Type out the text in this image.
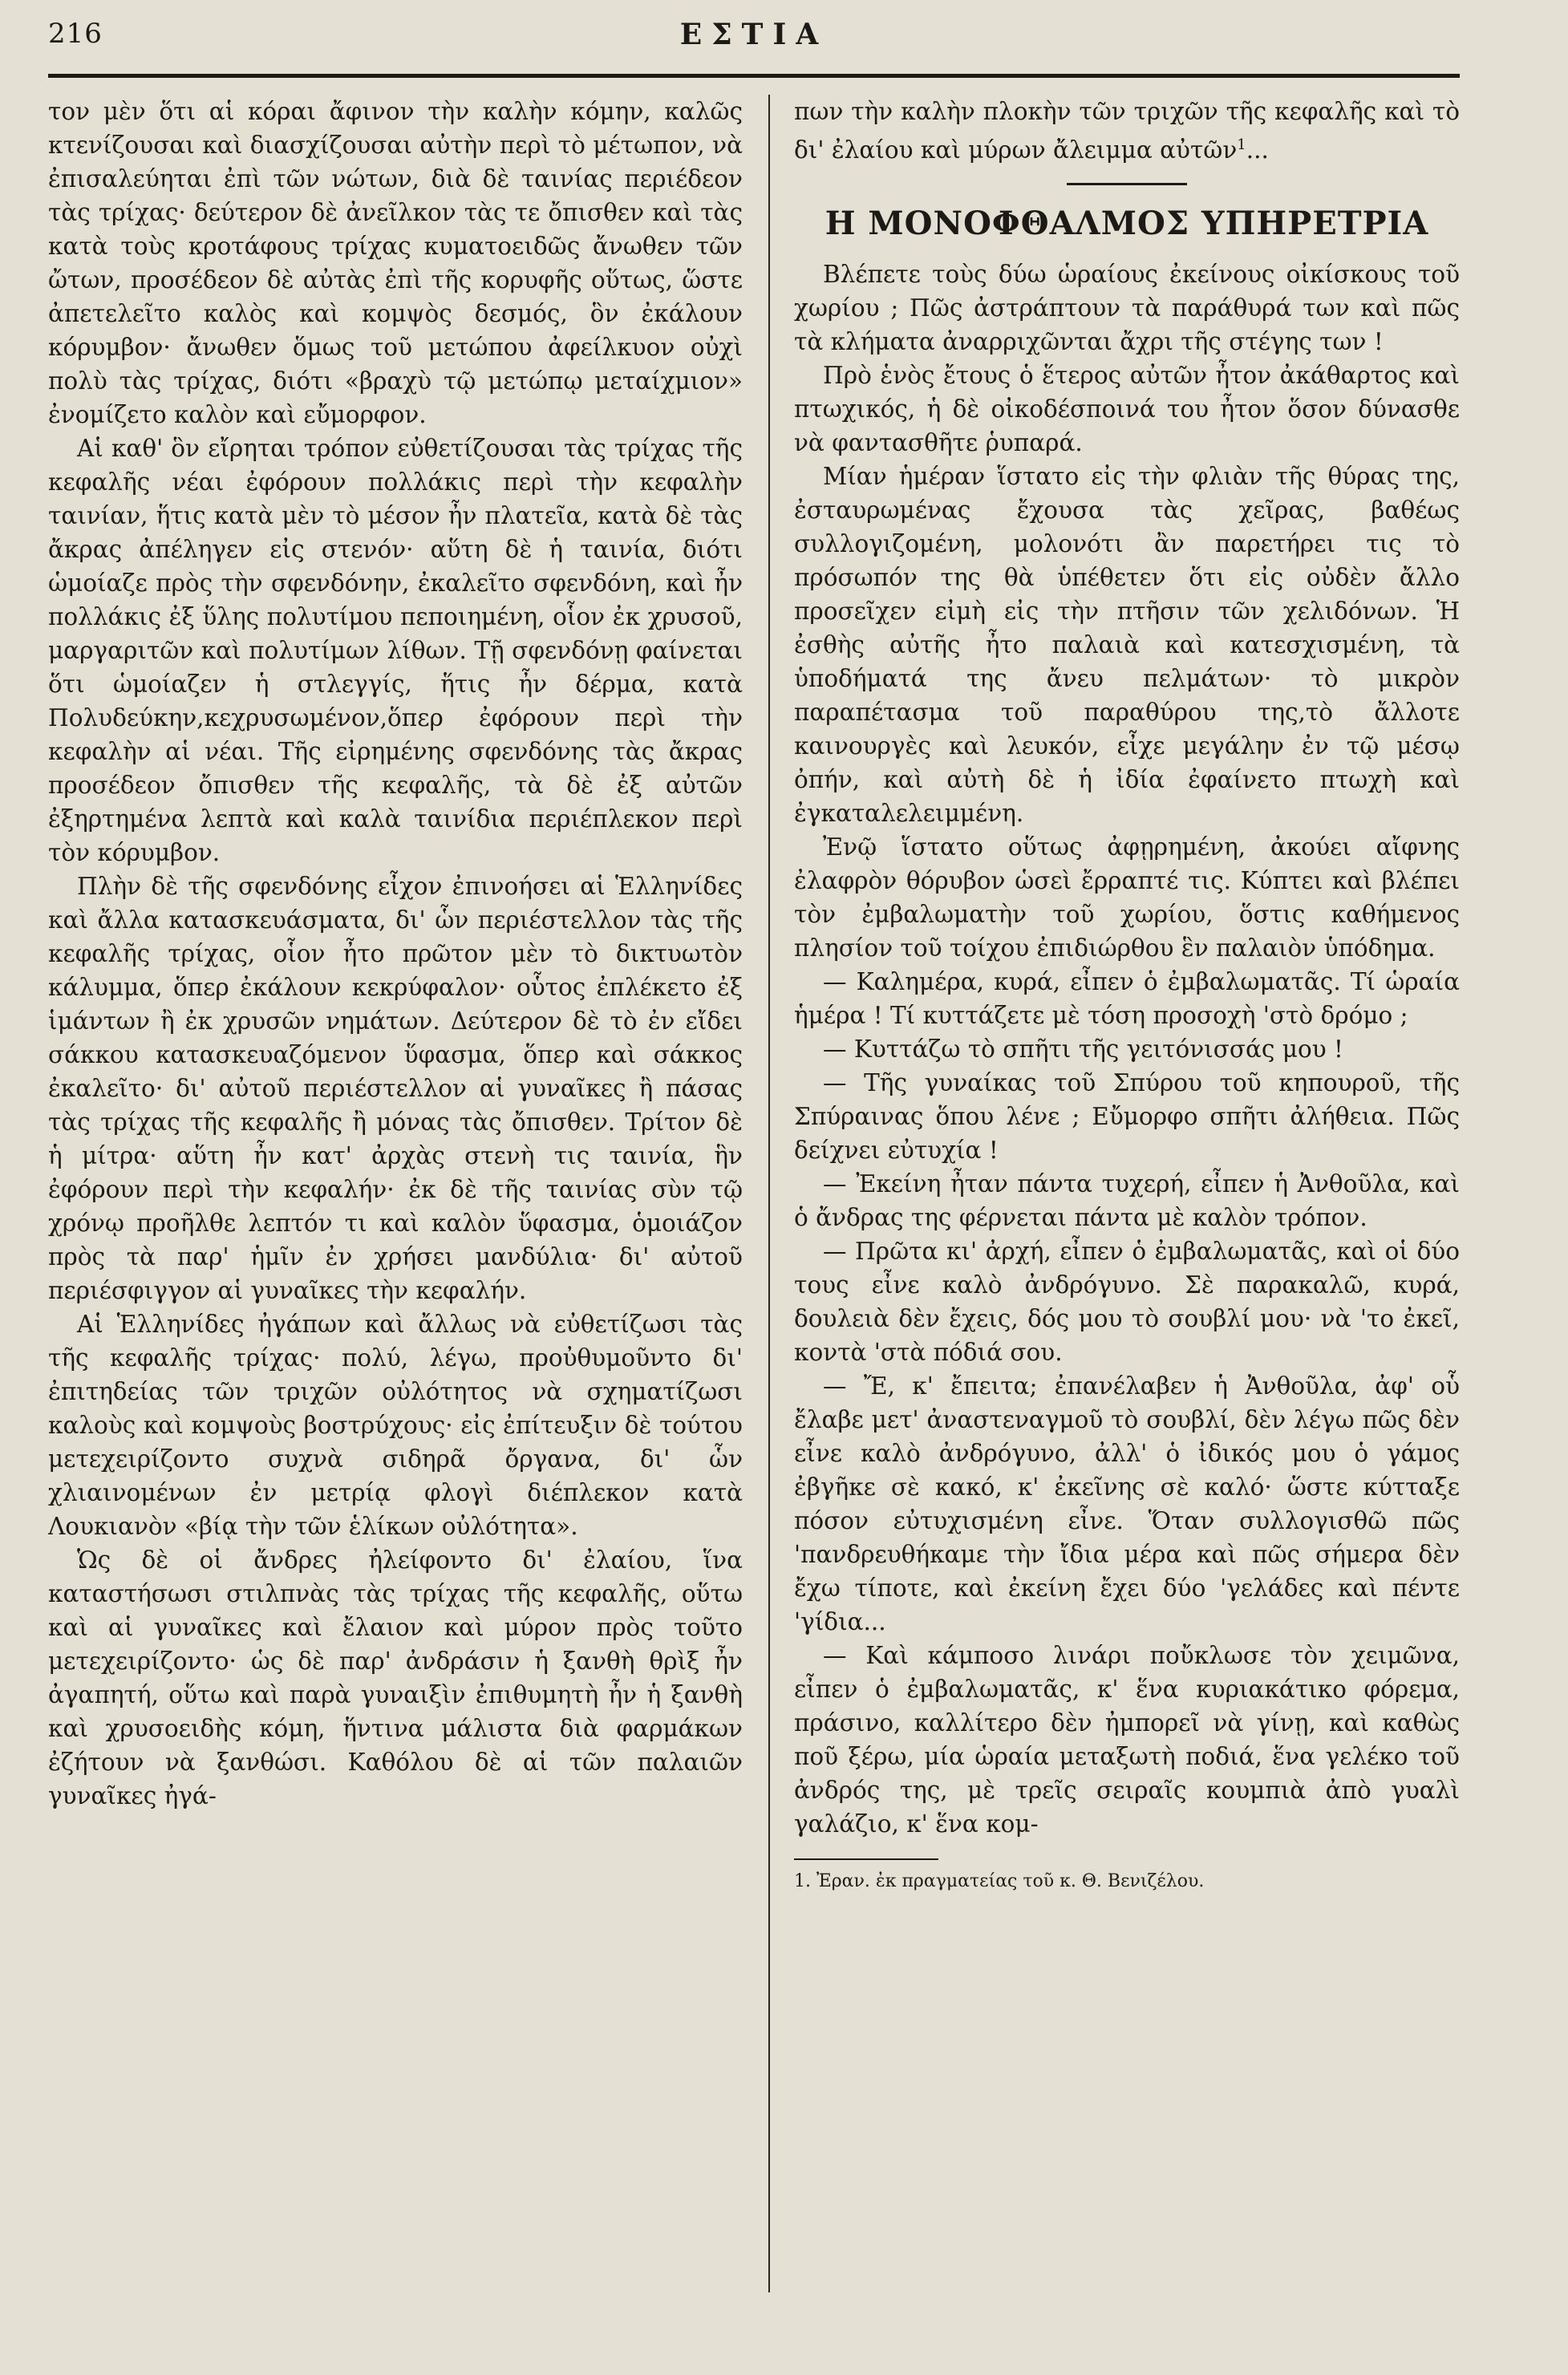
216	ΕΣΤΙΑ

τον μὲν ὅτι αἱ κόραι ἄφινον τὴν καλὴν κόμην, καλῶς κτενίζουσαι καὶ διασχίζουσαι αὐτὴν περὶ τὸ μέτωπον, νὰ ἐπισαλεύηται ἐπὶ τῶν νώτων, διὰ δὲ ταινίας περιέδεον τὰς τρίχας· δεύτερον δὲ ἀνεῖλκον τὰς τε ὄπισθεν καὶ τὰς κατὰ τοὺς κροτάφους τρίχας κυματοειδῶς ἄνωθεν τῶν ὤτων, προσέδεον δὲ αὐτὰς ἐπὶ τῆς κορυφῆς οὕτως, ὥστε ἀπετελεῖτο καλὸς καὶ κομψὸς δεσμός, ὃν ἐκάλουν κόρυμβον· ἄνωθεν ὅμως τοῦ μετώπου ἀφείλκυον οὐχὶ πολὺ τὰς τρίχας, διότι «βραχὺ τῷ μετώπῳ μεταίχμιον» ἐνομίζετο καλὸν καὶ εὔμορφον.

Αἱ καθ' ὃν εἴρηται τρόπον εὐθετίζουσαι τὰς τρίχας τῆς κεφαλῆς νέαι ἐφόρουν πολλάκις περὶ τὴν κεφαλὴν ταινίαν, ἥτις κατὰ μὲν τὸ μέσον ἦν πλατεῖα, κατὰ δὲ τὰς ἄκρας ἀπέληγεν εἰς στενόν· αὕτη δὲ ἡ ταινία, διότι ὡμοίαζε πρὸς τὴν σφενδόνην, ἐκαλεῖτο σφενδόνη, καὶ ἦν πολλάκις ἐξ ὕλης πολυτίμου πεποιημένη, οἷον ἐκ χρυσοῦ, μαργαριτῶν καὶ πολυτίμων λίθων. Τῇ σφενδόνῃ φαίνεται ὅτι ὡμοίαζεν ἡ στλεγγίς, ἥτις ἦν δέρμα, κατὰ Πολυδεύκην,κεχρυσωμένον,ὅπερ ἐφόρουν περὶ τὴν κεφαλὴν αἱ νέαι. Τῆς εἰρημένης σφενδόνης τὰς ἄκρας προσέδεον ὄπισθεν τῆς κεφαλῆς, τὰ δὲ ἐξ αὐτῶν ἐξηρτημένα λεπτὰ καὶ καλὰ ταινίδια περιέπλεκον περὶ τὸν κόρυμβον.

Πλὴν δὲ τῆς σφενδόνης εἶχον ἐπινοήσει αἱ Ἑλληνίδες καὶ ἄλλα κατασκευάσματα, δι' ὧν περιέστελλον τὰς τῆς κεφαλῆς τρίχας, οἷον ἦτο πρῶτον μὲν τὸ δικτυωτὸν κάλυμμα, ὅπερ ἐκάλουν κεκρύφαλον· οὗτος ἐπλέκετο ἐξ ἱμάντων ἢ ἐκ χρυσῶν νημάτων. Δεύτερον δὲ τὸ ἐν εἴδει σάκκου κατασκευαζόμενον ὕφασμα, ὅπερ καὶ σάκκος ἐκαλεῖτο· δι' αὐτοῦ περιέστελλον αἱ γυναῖκες ἢ πάσας τὰς τρίχας τῆς κεφαλῆς ἢ μόνας τὰς ὄπισθεν. Τρίτον δὲ ἡ μίτρα· αὕτη ἦν κατ' ἀρχὰς στενὴ τις ταινία, ἣν ἐφόρουν περὶ τὴν κεφαλήν· ἐκ δὲ τῆς ταινίας σὺν τῷ χρόνῳ προῆλθε λεπτόν τι καὶ καλὸν ὕφασμα, ὁμοιάζον πρὸς τὰ παρ' ἡμῖν ἐν χρήσει μανδύλια· δι' αὐτοῦ περιέσφιγγον αἱ γυναῖκες τὴν κεφαλήν.

Αἱ Ἑλληνίδες ἠγάπων καὶ ἄλλως νὰ εὐθετίζωσι τὰς τῆς κεφαλῆς τρίχας· πολύ, λέγω, προὐθυμοῦντο δι' ἐπιτηδείας τῶν τριχῶν οὐλότητος νὰ σχηματίζωσι καλοὺς καὶ κομψοὺς βοστρύχους· εἰς ἐπίτευξιν δὲ τούτου μετεχειρίζοντο συχνὰ σιδηρᾶ ὄργανα, δι' ὧν χλιαινομένων ἐν μετρίᾳ φλογὶ διέπλεκον κατὰ Λουκιανὸν «βίᾳ τὴν τῶν ἑλίκων οὐλότητα».

Ὡς δὲ οἱ ἄνδρες ἠλείφοντο δι' ἐλαίου, ἵνα καταστήσωσι στιλπνὰς τὰς τρίχας τῆς κεφαλῆς, οὕτω καὶ αἱ γυναῖκες καὶ ἔλαιον καὶ μύρον πρὸς τοῦτο μετεχειρίζοντο· ὡς δὲ παρ' ἀνδράσιν ἡ ξανθὴ θρὶξ ἦν ἀγαπητή, οὕτω καὶ παρὰ γυναιξὶν ἐπιθυμητὴ ἦν ἡ ξανθὴ καὶ χρυσοειδὴς κόμη, ἥντινα μάλιστα διὰ φαρμάκων ἐζήτουν νὰ ξανθώσι. Καθόλου δὲ αἱ τῶν παλαιῶν γυναῖκες ἠγά-

πων τὴν καλὴν πλοκὴν τῶν τριχῶν τῆς κεφαλῆς καὶ τὸ δι' ἐλαίου καὶ μύρων ἄλειμμα αὐτῶν$^1$...

Η ΜΟΝΟΦΘΑΛΜΟΣ ΥΠΗΡΕΤΡΙΑ

Βλέπετε τοὺς δύω ὡραίους ἐκείνους οἰκίσκους τοῦ χωρίου ; Πῶς ἀστράπτουν τὰ παράθυρά των καὶ πῶς τὰ κλήματα ἀναρριχῶνται ἄχρι τῆς στέγης των !

Πρὸ ἑνὸς ἔτους ὁ ἕτερος αὐτῶν ἦτον ἀκάθαρτος καὶ πτωχικός, ἡ δὲ οἰκοδέσποινά του ἦτον ὅσον δύνασθε νὰ φαντασθῆτε ῥυπαρά.

Μίαν ἡμέραν ἵστατο εἰς τὴν φλιὰν τῆς θύρας της, ἐσταυρωμένας ἔχουσα τὰς χεῖρας, βαθέως συλλογιζομένη, μολονότι ἂν παρετήρει τις τὸ πρόσωπόν της θὰ ὑπέθετεν ὅτι εἰς οὐδὲν ἄλλο προσεῖχεν εἰμὴ εἰς τὴν πτῆσιν τῶν χελιδόνων. Ἡ ἐσθὴς αὐτῆς ἦτο παλαιὰ καὶ κατεσχισμένη, τὰ ὑποδήματά της ἄνευ πελμάτων· τὸ μικρὸν παραπέτασμα τοῦ παραθύρου της,τὸ ἄλλοτε καινουργὲς καὶ λευκόν, εἶχε μεγάλην ἐν τῷ μέσῳ ὀπήν, καὶ αὐτὴ δὲ ἡ ἰδία ἐφαίνετο πτωχὴ καὶ ἐγκαταλελειμμένη.

Ἐνῷ ἵστατο οὕτως ἀφῃρημένη, ἀκούει αἴφνης ἐλαφρὸν θόρυβον ὡσεὶ ἔρραπτέ τις. Κύπτει καὶ βλέπει τὸν ἐμβαλωματὴν τοῦ χωρίου, ὅστις καθήμενος πλησίον τοῦ τοίχου ἐπιδιώρθου ἓν παλαιὸν ὑπόδημα.

— Καλημέρα, κυρά, εἶπεν ὁ ἐμβαλωματᾶς. Τί ὡραία ἡμέρα ! Τί κυττάζετε μὲ τόση προσοχὴ 'στὸ δρόμο ;

— Κυττάζω τὸ σπῆτι τῆς γειτόνισσάς μου !

— Τῆς γυναίκας τοῦ Σπύρου τοῦ κηπουροῦ, τῆς Σπύραινας ὅπου λένε ; Εὔμορφο σπῆτι ἀλήθεια. Πῶς δείχνει εὐτυχία !

— Ἐκείνη ἦταν πάντα τυχερή, εἶπεν ἡ Ἀνθοῦλα, καὶ ὁ ἄνδρας της φέρνεται πάντα μὲ καλὸν τρόπον.

— Πρῶτα κι' ἀρχή, εἶπεν ὁ ἐμβαλωματᾶς, καὶ οἱ δύο τους εἶνε καλὸ ἀνδρόγυνο. Σὲ παρακαλῶ, κυρά, δουλειὰ δὲν ἔχεις, δός μου τὸ σουβλί μου· νὰ 'το ἐκεῖ, κοντὰ 'στὰ πόδιά σου.

— Ἔ, κ' ἔπειτα; ἐπανέλαβεν ἡ Ἀνθοῦλα, ἀφ' οὗ ἔλαβε μετ' ἀναστεναγμοῦ τὸ σουβλί, δὲν λέγω πῶς δὲν εἶνε καλὸ ἀνδρόγυνο, ἀλλ' ὁ ἰδικός μου ὁ γάμος ἐβγῆκε σὲ κακό, κ' ἐκεῖνης σὲ καλό· ὥστε κύτταξε πόσον εὐτυχισμένη εἶνε. Ὅταν συλλογισθῶ πῶς 'πανδρευθήκαμε τὴν ἴδια μέρα καὶ πῶς σήμερα δὲν ἔχω τίποτε, καὶ ἐκείνη ἔχει δύο 'γελάδες καὶ πέντε 'γίδια...

— Καὶ κάμποσο λινάρι ποὔκλωσε τὸν χειμῶνα, εἶπεν ὁ ἐμβαλωματᾶς, κ' ἕνα κυριακάτικο φόρεμα, πράσινο, καλλίτερο δὲν ἠμπορεῖ νὰ γίνῃ, καὶ καθὼς ποῦ ξέρω, μία ὡραία μεταξωτὴ ποδιά, ἕνα γελέκο τοῦ ἀνδρός της, μὲ τρεῖς σειραῖς κουμπιὰ ἀπὸ γυαλὶ γαλάζιο, κ' ἕνα κομ-

1. Ἐραν. ἐκ πραγματείας τοῦ κ. Θ. Βενιζέλου.
